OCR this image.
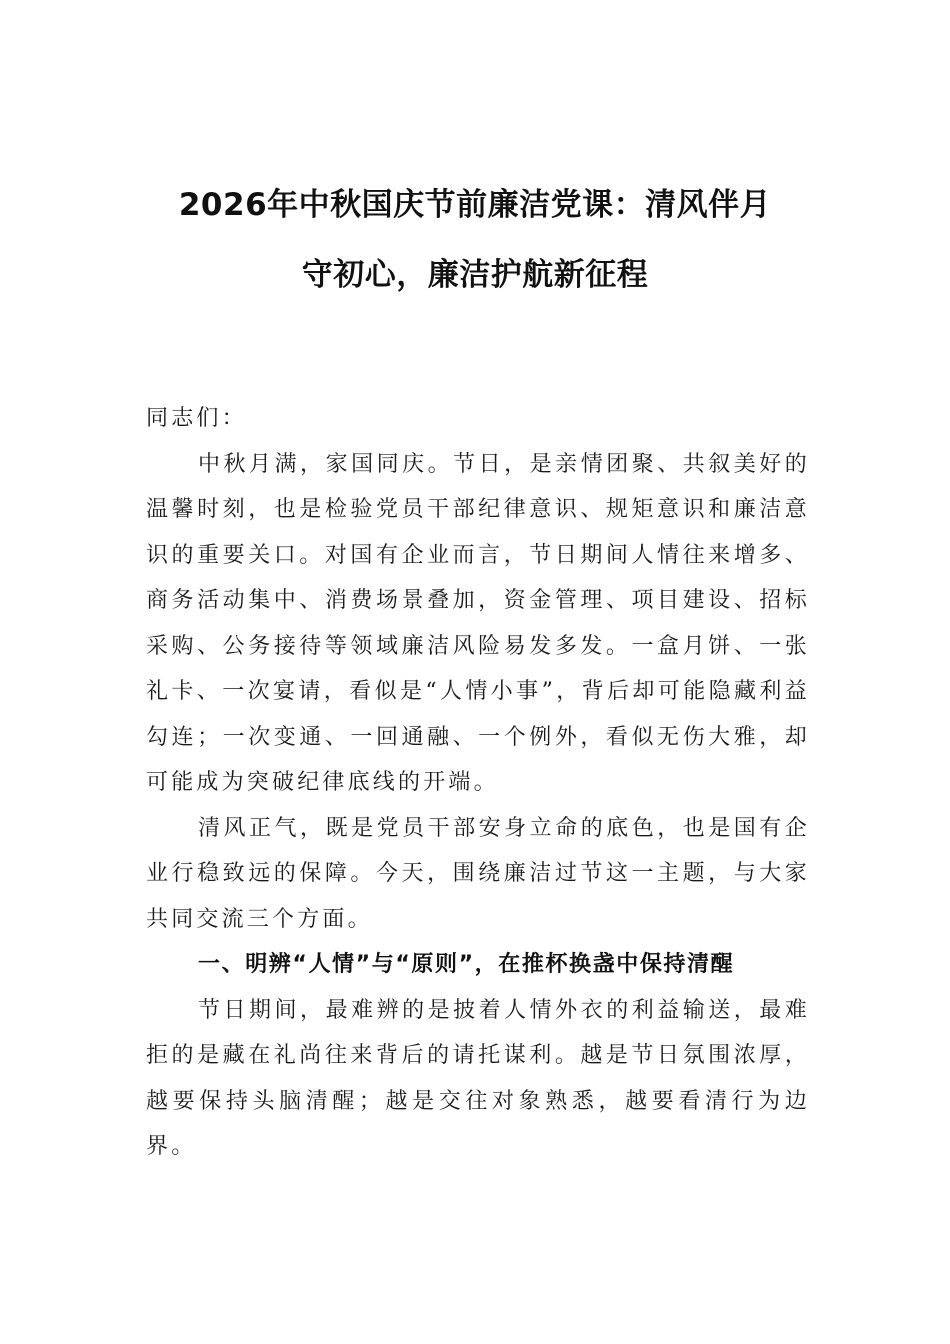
2026年中秋国庆节前廉洁党课：清风伴月
守初心，廉洁护航新征程

同志们：

中秋月满，家国同庆。节日，是亲情团聚、共叙美好的温馨时刻，也是检验党员干部纪律意识、规矩意识和廉洁意识的重要关口。对国有企业而言，节日期间人情往来增多、商务活动集中、消费场景叠加，资金管理、项目建设、招标采购、公务接待等领域廉洁风险易发多发。一盒月饼、一张礼卡、一次宴请，看似是“人情小事”，背后却可能隐藏利益勾连；一次变通、一回通融、一个例外，看似无伤大雅，却可能成为突破纪律底线的开端。

清风正气，既是党员干部安身立命的底色，也是国有企业行稳致远的保障。今天，围绕廉洁过节这一主题，与大家共同交流三个方面。

一、明辨“人情”与“原则”，在推杯换盏中保持清醒

节日期间，最难辨的是披着人情外衣的利益输送，最难拒的是藏在礼尚往来背后的请托谋利。越是节日氛围浓厚，越要保持头脑清醒；越是交往对象熟悉，越要看清行为边界。
